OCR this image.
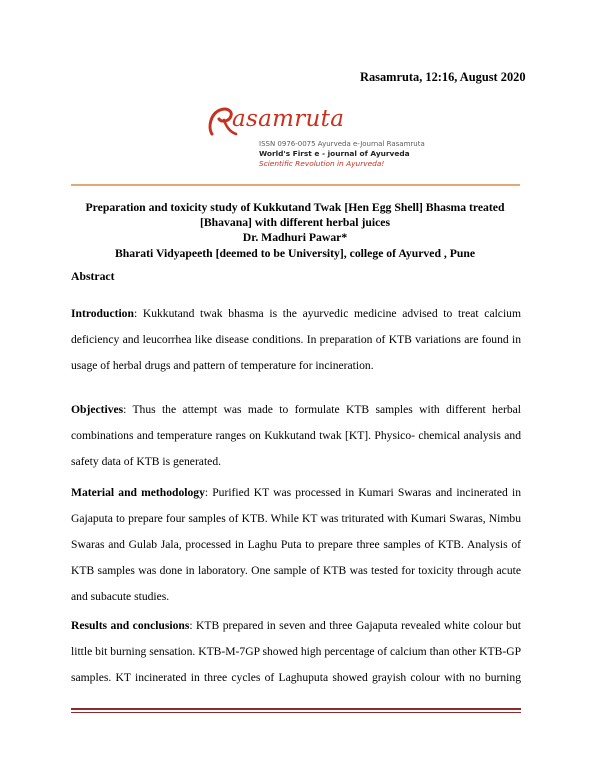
Rasamruta, 12:16, August 2020
asamruta
ISSN 0976-0075 Ayurveda e-Journal Rasamruta
World's First e - journal of Ayurveda
Scientific Revolution in Ayurveda!
Preparation and toxicity study of Kukkutand Twak [Hen Egg Shell] Bhasma treated
[Bhavana] with different herbal juices
Dr. Madhuri Pawar*
Bharati Vidyapeeth [deemed to be University], college of Ayurved , Pune
Abstract
Introduction: Kukkutand twak bhasma is the ayurvedic medicine advised to treat calcium
deficiency and leucorrhea like disease conditions. In preparation of KTB variations are found in
usage of herbal drugs and pattern of temperature for incineration.
Objectives: Thus the attempt was made to formulate KTB samples with different herbal
combinations and temperature ranges on Kukkutand twak [KT]. Physico- chemical analysis and
safety data of KTB is generated.
Material and methodology: Purified KT was processed in Kumari Swaras and incinerated in
Gajaputa to prepare four samples of KTB. While KT was triturated with Kumari Swaras, Nimbu
Swaras and Gulab Jala, processed in Laghu Puta to prepare three samples of KTB. Analysis of
KTB samples was done in laboratory. One sample of KTB was tested for toxicity through acute
and subacute studies.
Results and conclusions: KTB prepared in seven and three Gajaputa revealed white colour but
little bit burning sensation. KTB-M-7GP showed high percentage of calcium than other KTB-GP
samples. KT incinerated in three cycles of Laghuputa showed grayish colour with no burning
